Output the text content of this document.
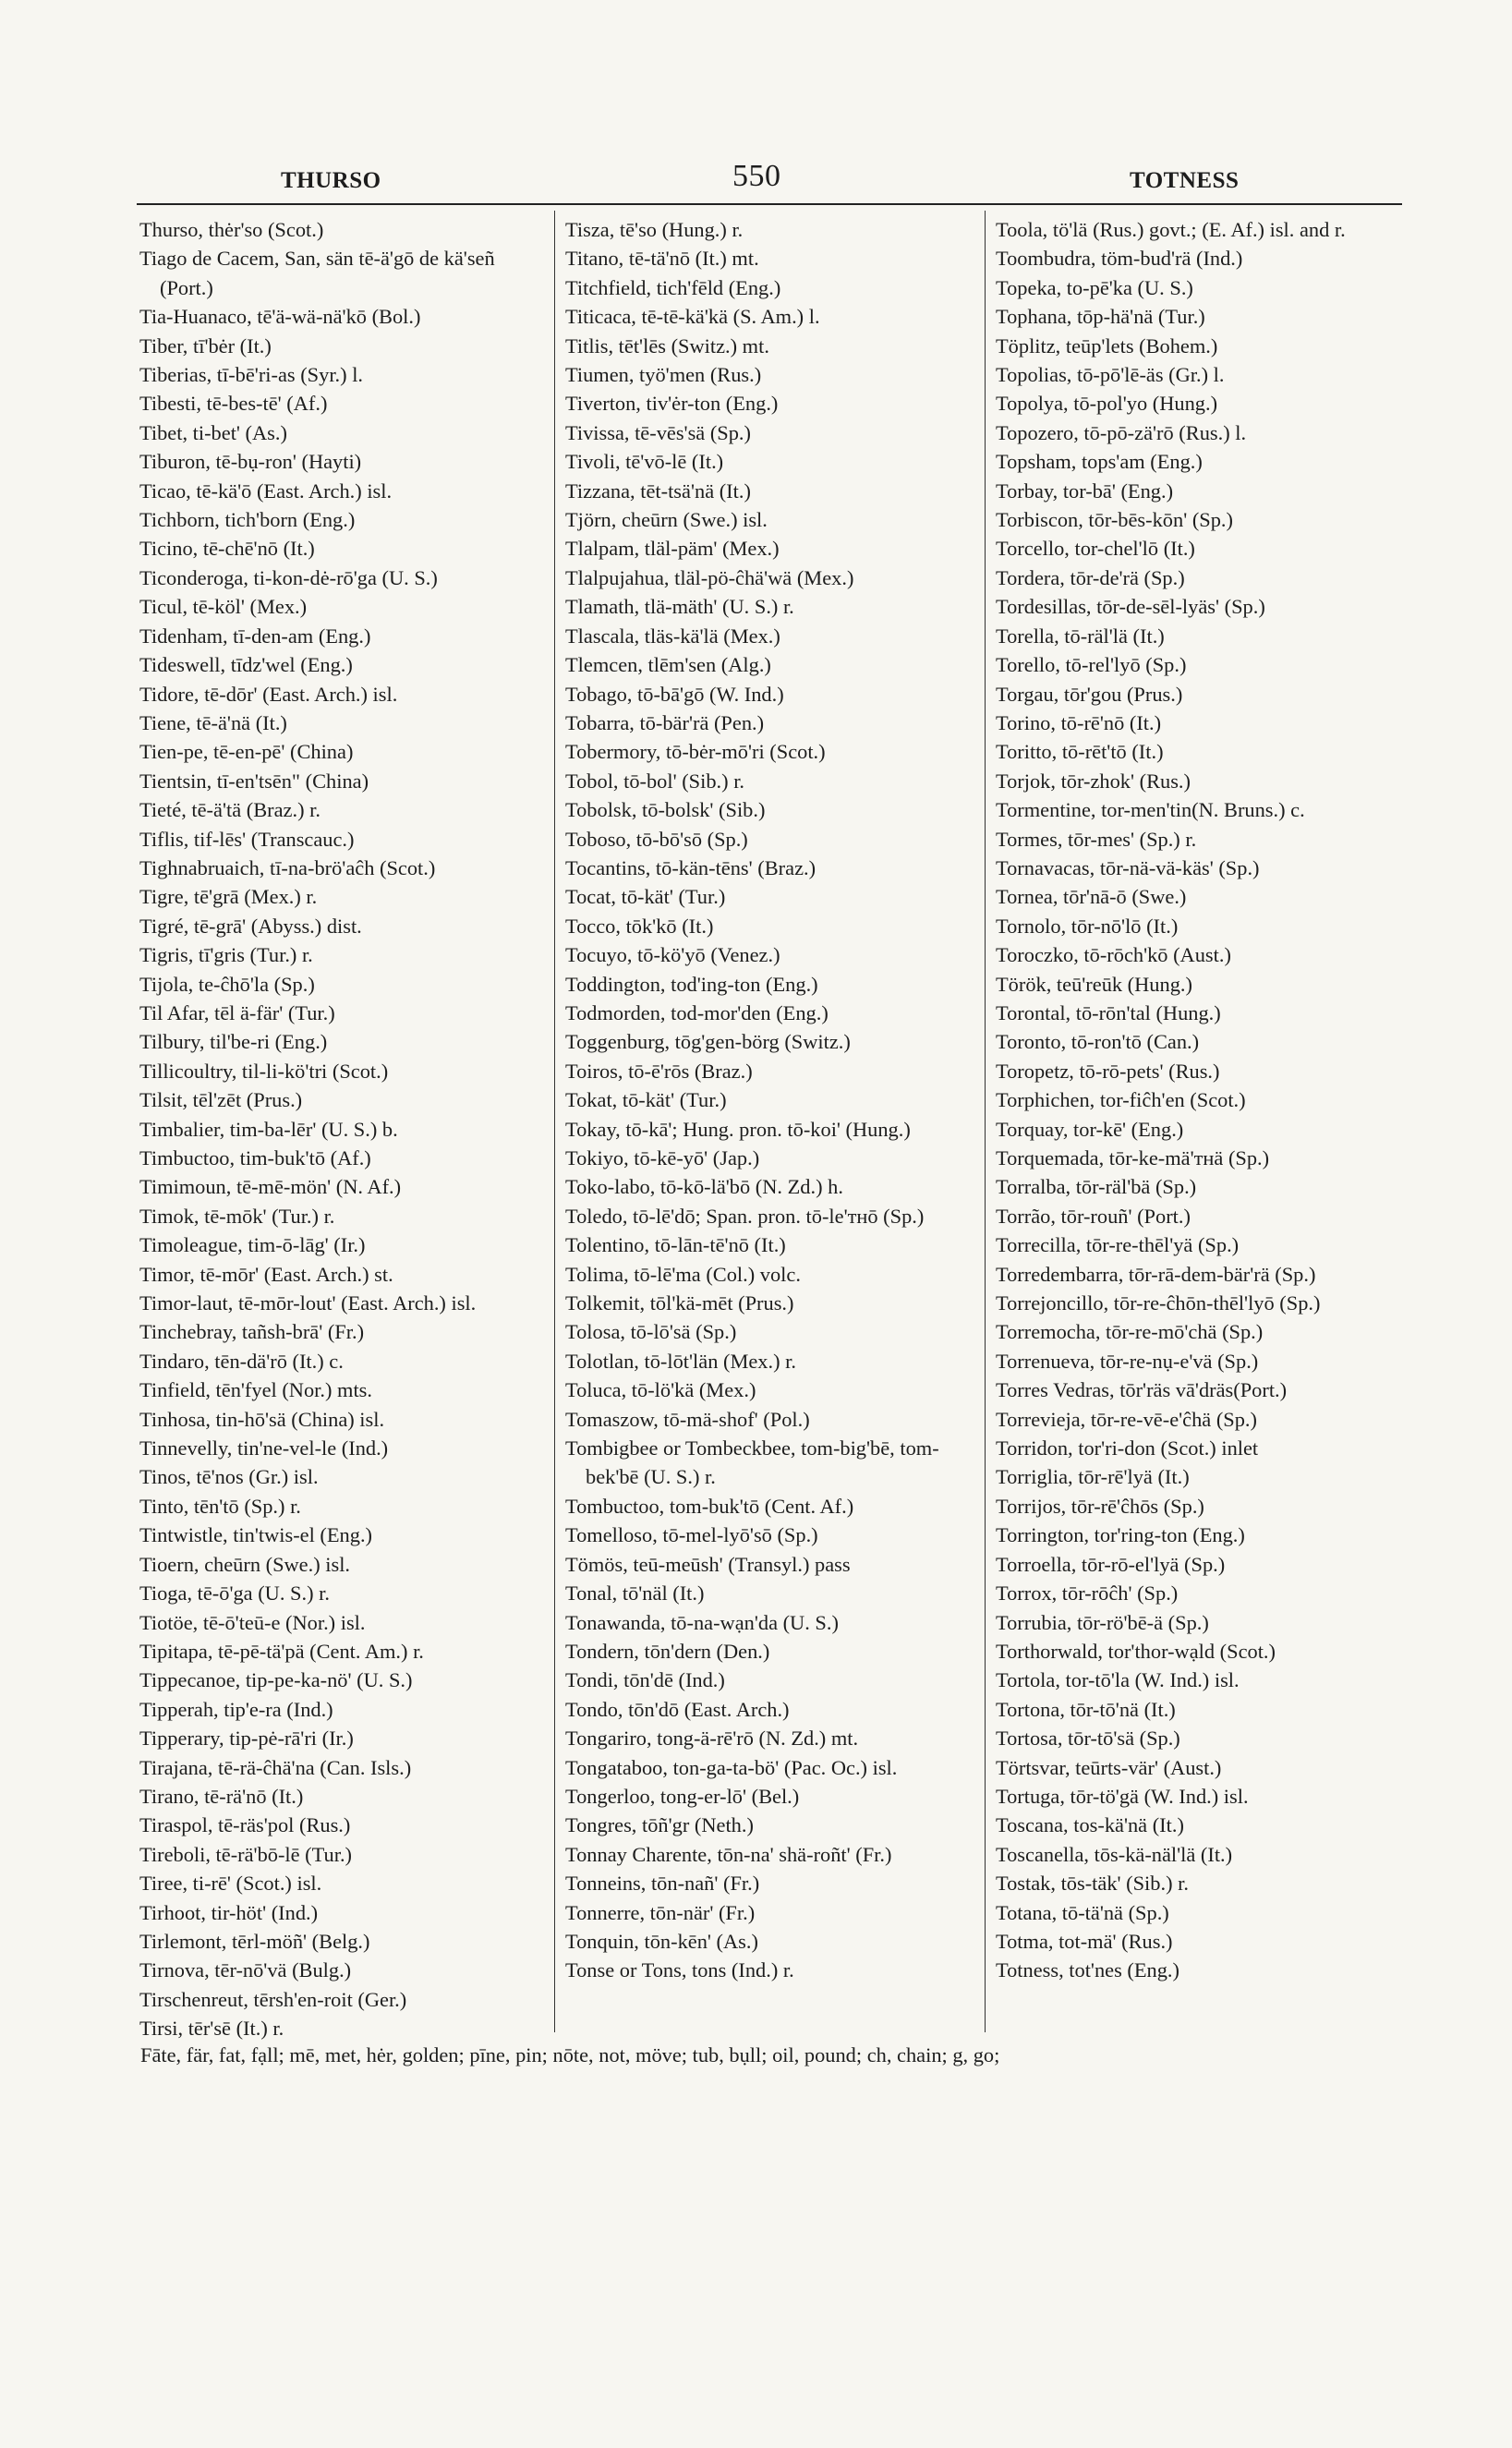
THURSO	550	TOTNESS

Thurso, thėr'so (Scot.)

Tiago de Cacem, San, sän tē-ä'gō de kä'señ (Port.)

Tia-Huanaco, tē'ä-wä-nä'kō (Bol.)

Tiber, tī'bėr (It.)

Tiberias, tī-bē'ri-as (Syr.) l.

Tibesti, tē-bes-tē' (Af.)

Tibet, ti-bet' (As.)

Tiburon, tē-bụ-ron' (Hayti)

Ticao, tē-kä'ō (East. Arch.) isl.

Tichborn, tich'born (Eng.)

Ticino, tē-chē'nō (It.)

Ticonderoga, ti-kon-dė-rō'ga (U. S.)

Ticul, tē-köl' (Mex.)

Tidenham, tī-den-am (Eng.)

Tideswell, tīdz'wel (Eng.)

Tidore, tē-dōr' (East. Arch.) isl.

Tiene, tē-ä'nä (It.)

Tien-pe, tē-en-pē' (China)

Tientsin, tī-en'tsēn" (China)

Tieté, tē-ä'tä (Braz.) r.

Tiflis, tif-lēs' (Transcauc.)

Tighnabruaich, tī-na-brö'aĉh (Scot.)

Tigre, tē'grā (Mex.) r.

Tigré, tē-grā' (Abyss.) dist.

Tigris, tī'gris (Tur.) r.

Tijola, te-ĉhō'la (Sp.)

Til Afar, tēl ä-fär' (Tur.)

Tilbury, til'be-ri (Eng.)

Tillicoultry, til-li-kö'tri (Scot.)

Tilsit, tēl'zēt (Prus.)

Timbalier, tim-ba-lēr' (U. S.) b.

Timbuctoo, tim-buk'tō (Af.)

Timimoun, tē-mē-mön' (N. Af.)

Timok, tē-mōk' (Tur.) r.

Timoleague, tim-ō-lāg' (Ir.)

Timor, tē-mōr' (East. Arch.) st.

Timor-laut, tē-mōr-lout' (East. Arch.) isl.

Tinchebray, tañsh-brā' (Fr.)

Tindaro, tēn-dä'rō (It.) c.

Tinfield, tēn'fyel (Nor.) mts.

Tinhosa, tin-hō'sä (China) isl.

Tinnevelly, tin'ne-vel-le (Ind.)

Tinos, tē'nos (Gr.) isl.

Tinto, tēn'tō (Sp.) r.

Tintwistle, tin'twis-el (Eng.)

Tioern, cheūrn (Swe.) isl.

Tioga, tē-ō'ga (U. S.) r.

Tiotöe, tē-ō'teū-e (Nor.) isl.

Tipitapa, tē-pē-tä'pä (Cent. Am.) r.

Tippecanoe, tip-pe-ka-nö' (U. S.)

Tipperah, tip'e-ra (Ind.)

Tipperary, tip-pė-rā'ri (Ir.)

Tirajana, tē-rä-ĉhä'na (Can. Isls.)

Tirano, tē-rä'nō (It.)

Tiraspol, tē-räs'pol (Rus.)

Tireboli, tē-rä'bō-lē (Tur.)

Tiree, ti-rē' (Scot.) isl.

Tirhoot, tir-höt' (Ind.)

Tirlemont, tērl-möñ' (Belg.)

Tirnova, tēr-nō'vä (Bulg.)

Tirschenreut, tērsh'en-roit (Ger.)

Tirsi, tēr'sē (It.) r.

Tisza, tē'so (Hung.) r.

Titano, tē-tä'nō (It.) mt.

Titchfield, tich'fēld (Eng.)

Titicaca, tē-tē-kä'kä (S. Am.) l.

Titlis, tēt'lēs (Switz.) mt.

Tiumen, työ'men (Rus.)

Tiverton, tiv'ėr-ton (Eng.)

Tivissa, tē-vēs'sä (Sp.)

Tivoli, tē'vō-lē (It.)

Tizzana, tēt-tsä'nä (It.)

Tjörn, cheūrn (Swe.) isl.

Tlalpam, tläl-päm' (Mex.)

Tlalpujahua, tläl-pö-ĉhä'wä (Mex.)

Tlamath, tlä-mäth' (U. S.) r.

Tlascala, tläs-kä'lä (Mex.)

Tlemcen, tlēm'sen (Alg.)

Tobago, tō-bā'gō (W. Ind.)

Tobarra, tō-bär'rä (Pen.)

Tobermory, tō-bėr-mō'ri (Scot.)

Tobol, tō-bol' (Sib.) r.

Tobolsk, tō-bolsk' (Sib.)

Toboso, tō-bō'sō (Sp.)

Tocantins, tō-kän-tēns' (Braz.)

Tocat, tō-kät' (Tur.)

Tocco, tōk'kō (It.)

Tocuyo, tō-kö'yō (Venez.)

Toddington, tod'ing-ton (Eng.)

Todmorden, tod-mor'den (Eng.)

Toggenburg, tōg'gen-börg (Switz.)

Toiros, tō-ē'rōs (Braz.)

Tokat, tō-kät' (Tur.)

Tokay, tō-kā'; Hung. pron. tō-koi' (Hung.)

Tokiyo, tō-kē-yō' (Jap.)

Toko-labo, tō-kō-lä'bō (N. Zd.) h.

Toledo, tō-lē'dō; Span. pron. tō-le'ᴛʜō (Sp.)

Tolentino, tō-lān-tē'nō (It.)

Tolima, tō-lē'ma (Col.) volc.

Tolkemit, tōl'kä-mēt (Prus.)

Tolosa, tō-lō'sä (Sp.)

Tolotlan, tō-lōt'län (Mex.) r.

Toluca, tō-lö'kä (Mex.)

Tomaszow, tō-mä-shof' (Pol.)

Tombigbee or Tombeckbee, tom-big'bē, tom-bek'bē (U. S.) r.

Tombuctoo, tom-buk'tō (Cent. Af.)

Tomelloso, tō-mel-lyō'sō (Sp.)

Tömös, teū-meūsh' (Transyl.) pass

Tonal, tō'näl (It.)

Tonawanda, tō-na-wạn'da (U. S.)

Tondern, tōn'dern (Den.)

Tondi, tōn'dē (Ind.)

Tondo, tōn'dō (East. Arch.)

Tongariro, tong-ä-rē'rō (N. Zd.) mt.

Tongataboo, ton-ga-ta-bö' (Pac. Oc.) isl.

Tongerloo, tong-er-lō' (Bel.)

Tongres, tōñ'gr (Neth.)

Tonnay Charente, tōn-na' shä-roñt' (Fr.)

Tonneins, tōn-nañ' (Fr.)

Tonnerre, tōn-när' (Fr.)

Tonquin, tōn-kēn' (As.)

Tonse or Tons, tons (Ind.) r.

Toola, tö'lä (Rus.) govt.; (E. Af.) isl. and r.

Toombudra, töm-bud'rä (Ind.)

Topeka, to-pē'ka (U. S.)

Tophana, tōp-hä'nä (Tur.)

Töplitz, teūp'lets (Bohem.)

Topolias, tō-pō'lē-äs (Gr.) l.

Topolya, tō-pol'yo (Hung.)

Topozero, tō-pō-zä'rō (Rus.) l.

Topsham, tops'am (Eng.)

Torbay, tor-bā' (Eng.)

Torbiscon, tōr-bēs-kōn' (Sp.)

Torcello, tor-chel'lō (It.)

Tordera, tōr-de'rä (Sp.)

Tordesillas, tōr-de-sēl-lyäs' (Sp.)

Torella, tō-räl'lä (It.)

Torello, tō-rel'lyō (Sp.)

Torgau, tōr'gou (Prus.)

Torino, tō-rē'nō (It.)

Toritto, tō-rēt'tō (It.)

Torjok, tōr-zhok' (Rus.)

Tormentine, tor-men'tin(N. Bruns.) c.

Tormes, tōr-mes' (Sp.) r.

Tornavacas, tōr-nä-vä-käs' (Sp.)

Tornea, tōr'nā-ō (Swe.)

Tornolo, tōr-nō'lō (It.)

Toroczko, tō-rōch'kō (Aust.)

Török, teū'reūk (Hung.)

Torontal, tō-rōn'tal (Hung.)

Toronto, tō-ron'tō (Can.)

Toropetz, tō-rō-pets' (Rus.)

Torphichen, tor-fiĉh'en (Scot.)

Torquay, tor-kē' (Eng.)

Torquemada, tōr-ke-mä'ᴛʜä (Sp.)

Torralba, tōr-räl'bä (Sp.)

Torrão, tōr-rouñ' (Port.)

Torrecilla, tōr-re-thēl'yä (Sp.)

Torredembarra, tōr-rā-dem-bär'rä (Sp.)

Torrejoncillo, tōr-re-ĉhōn-thēl'lyō (Sp.)

Torremocha, tōr-re-mō'chä (Sp.)

Torrenueva, tōr-re-nụ-e'vä (Sp.)

Torres Vedras, tōr'räs vā'dräs(Port.)

Torrevieja, tōr-re-vē-e'ĉhä (Sp.)

Torridon, tor'ri-don (Scot.) inlet

Torriglia, tōr-rē'lyä (It.)

Torrijos, tōr-rē'ĉhōs (Sp.)

Torrington, tor'ring-ton (Eng.)

Torroella, tōr-rō-el'lyä (Sp.)

Torrox, tōr-rōĉh' (Sp.)

Torrubia, tōr-rö'bē-ä (Sp.)

Torthorwald, tor'thor-wạld (Scot.)

Tortola, tor-tō'la (W. Ind.) isl.

Tortona, tōr-tō'nä (It.)

Tortosa, tōr-tō'sä (Sp.)

Törtsvar, teūrts-vär' (Aust.)

Tortuga, tōr-tö'gä (W. Ind.) isl.

Toscana, tos-kä'nä (It.)

Toscanella, tōs-kä-näl'lä (It.)

Tostak, tōs-täk' (Sib.) r.

Totana, tō-tä'nä (Sp.)

Totma, tot-mä' (Rus.)

Totness, tot'nes (Eng.)

Fāte, fär, fat, fạll; mē, met, hėr, golden; pīne, pin; nōte, not, möve; tub, bụll; oil, pound; ch, chain; g, go;
